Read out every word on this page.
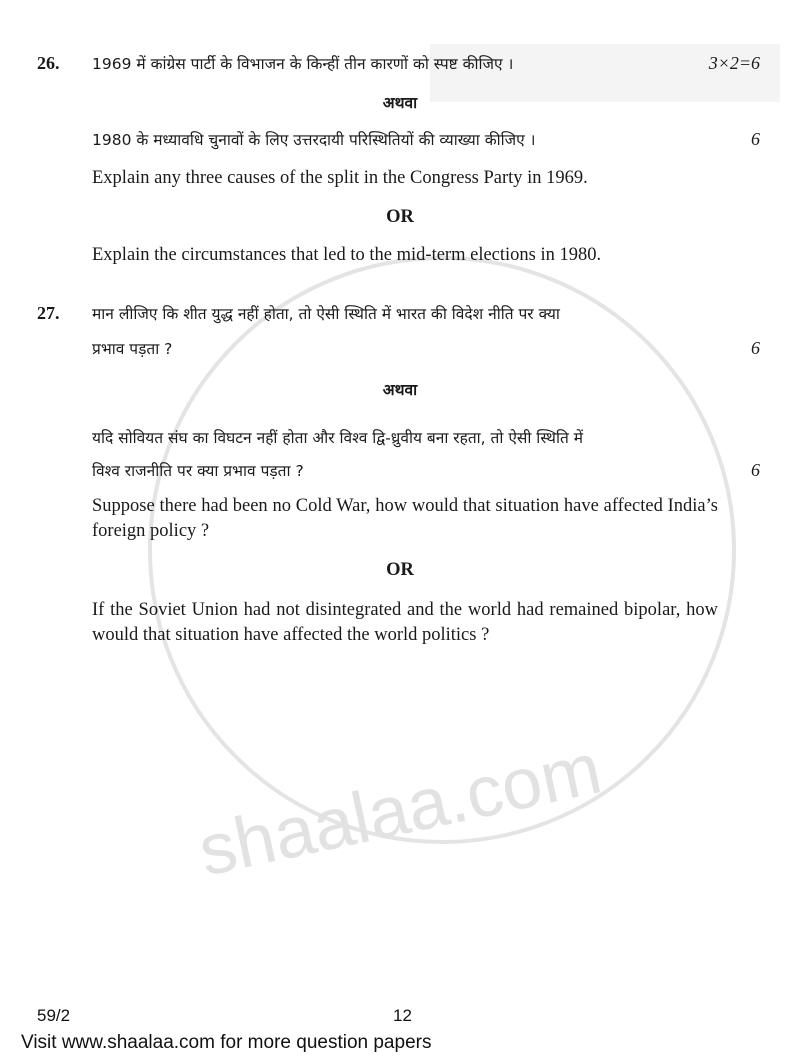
shaalaa.com
26. 1969 में कांग्रेस पार्टी के विभाजन के किन्हीं तीन कारणों को स्पष्ट कीजिए ।	3×2=6
अथवा
1980 के मध्यावधि चुनावों के लिए उत्तरदायी परिस्थितियों की व्याख्या कीजिए ।	6
Explain any three causes of the split in the Congress Party in 1969.
OR
Explain the circumstances that led to the mid-term elections in 1980.
27. मान लीजिए कि शीत युद्ध नहीं होता, तो ऐसी स्थिति में भारत की विदेश नीति पर क्या
प्रभाव पड़ता ?	6
अथवा
यदि सोवियत संघ का विघटन नहीं होता और विश्व द्वि-ध्रुवीय बना रहता, तो ऐसी स्थिति में
विश्व राजनीति पर क्या प्रभाव पड़ता ?	6
Suppose there had been no Cold War, how would that situation have affected India’s foreign policy ?
OR
If the Soviet Union had not disintegrated and the world had remained bipolar, how would that situation have affected the world politics ?
59/2	12
Visit www.shaalaa.com for more question papers
